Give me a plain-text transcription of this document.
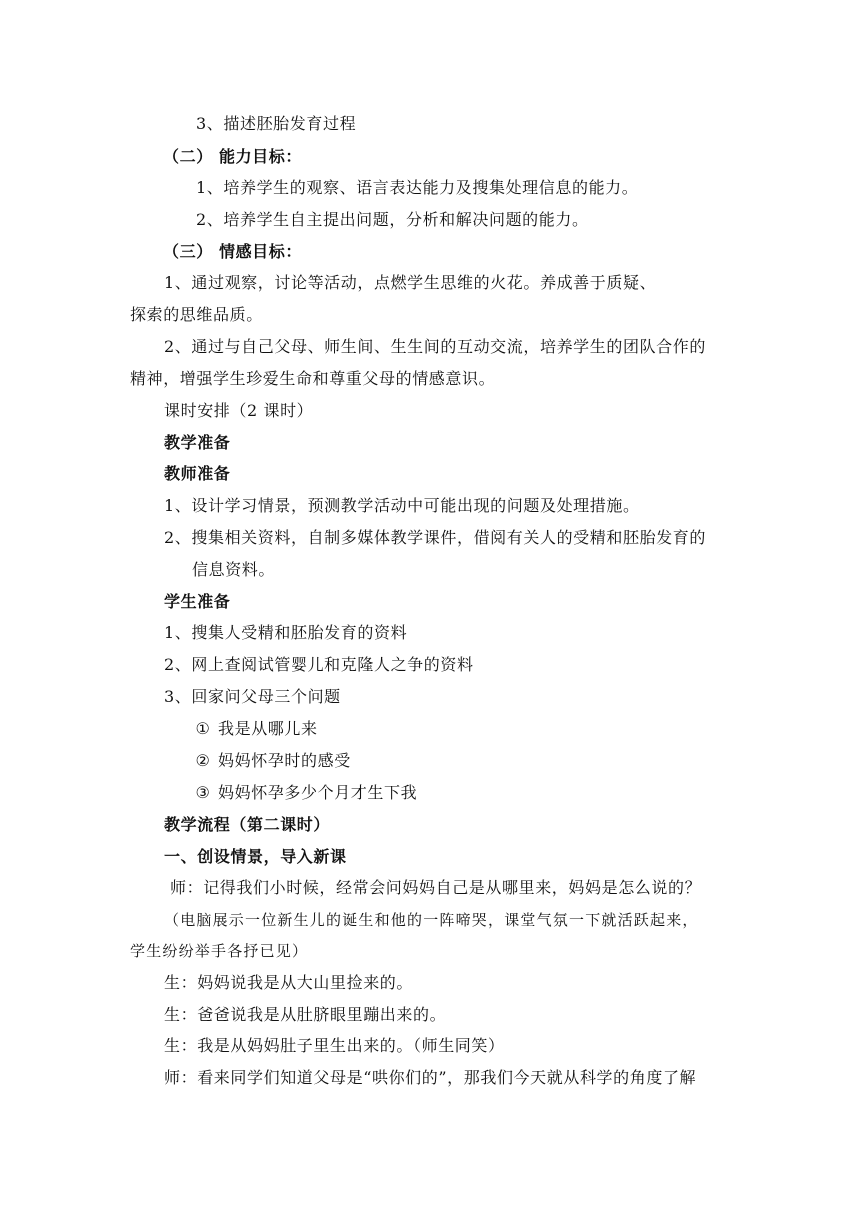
3、描述胚胎发育过程
（二） 能力目标：
1、培养学生的观察、语言表达能力及搜集处理信息的能力。
2、培养学生自主提出问题，分析和解决问题的能力。
（三） 情感目标：
1、通过观察，讨论等活动，点燃学生思维的火花。养成善于质疑、
探索的思维品质。
2、通过与自己父母、师生间、生生间的互动交流，培养学生的团队合作的
精神，增强学生珍爱生命和尊重父母的情感意识。
课时安排（2 课时）
教学准备
教师准备
1、设计学习情景，预测教学活动中可能出现的问题及处理措施。
2、搜集相关资料，自制多媒体教学课件，借阅有关人的受精和胚胎发育的
信息资料。
学生准备
1、搜集人受精和胚胎发育的资料
2、网上查阅试管婴儿和克隆人之争的资料
3、回家问父母三个问题
① 我是从哪儿来
② 妈妈怀孕时的感受
③ 妈妈怀孕多少个月才生下我
教学流程（第二课时）
一、创设情景，导入新课
师：记得我们小时候，经常会问妈妈自己是从哪里来，妈妈是怎么说的？
（电脑展示一位新生儿的诞生和他的一阵啼哭，课堂气氛一下就活跃起来，
学生纷纷举手各抒已见）
生：妈妈说我是从大山里捡来的。
生：爸爸说我是从肚脐眼里蹦出来的。
生：我是从妈妈肚子里生出来的。（师生同笑）
师：看来同学们知道父母是“哄你们的”，那我们今天就从科学的角度了解
